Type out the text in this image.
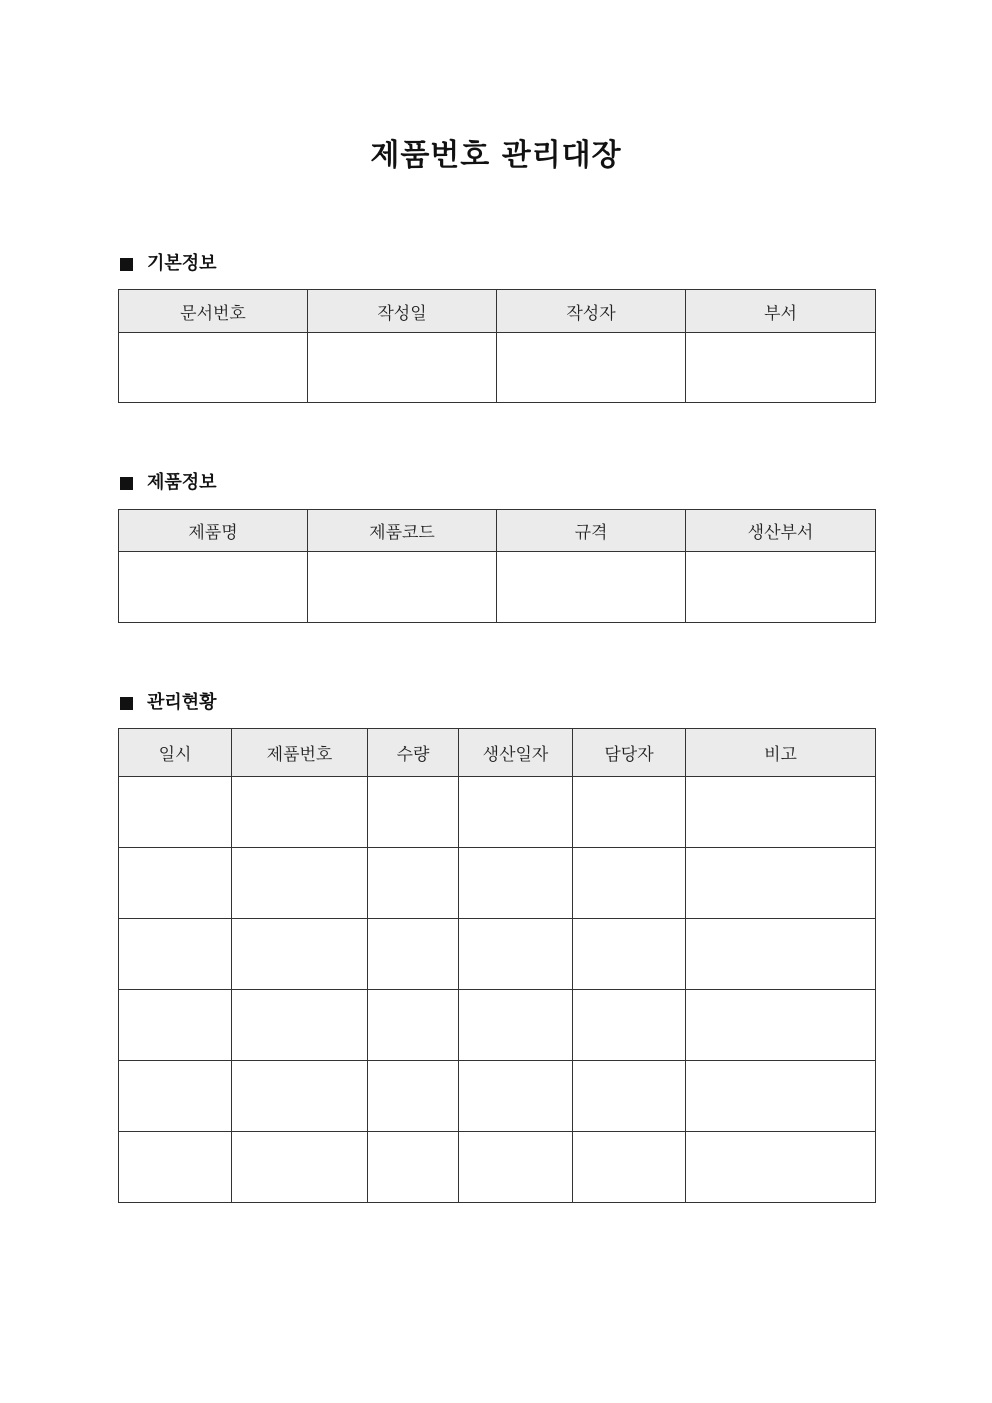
제품번호 관리대장
기본정보
문서번호	작성일	작성자	부서

제품정보
제품명	제품코드	규격	생산부서

관리현황
일시	제품번호	수량	생산일자	담당자	비고
